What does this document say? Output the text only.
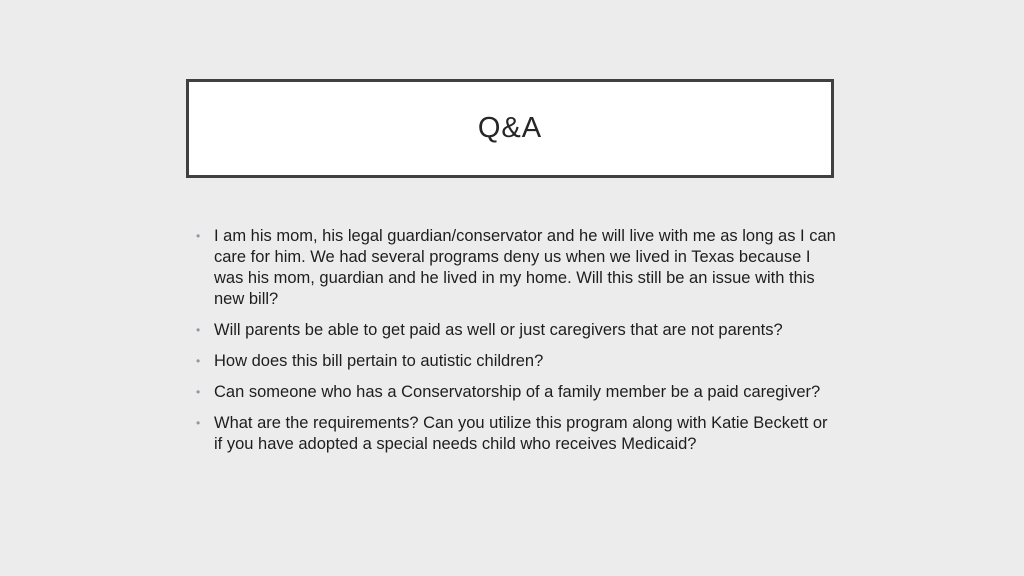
Q&A
• I am his mom, his legal guardian/conservator and he will live with me as long as I can care for him. We had several programs deny us when we lived in Texas because I was his mom, guardian and he lived in my home. Will this still be an issue with this new bill?
• Will parents be able to get paid as well or just caregivers that are not parents?
• How does this bill pertain to autistic children?
• Can someone who has a Conservatorship of a family member be a paid caregiver?
• What are the requirements? Can you utilize this program along with Katie Beckett or if you have adopted a special needs child who receives Medicaid?
